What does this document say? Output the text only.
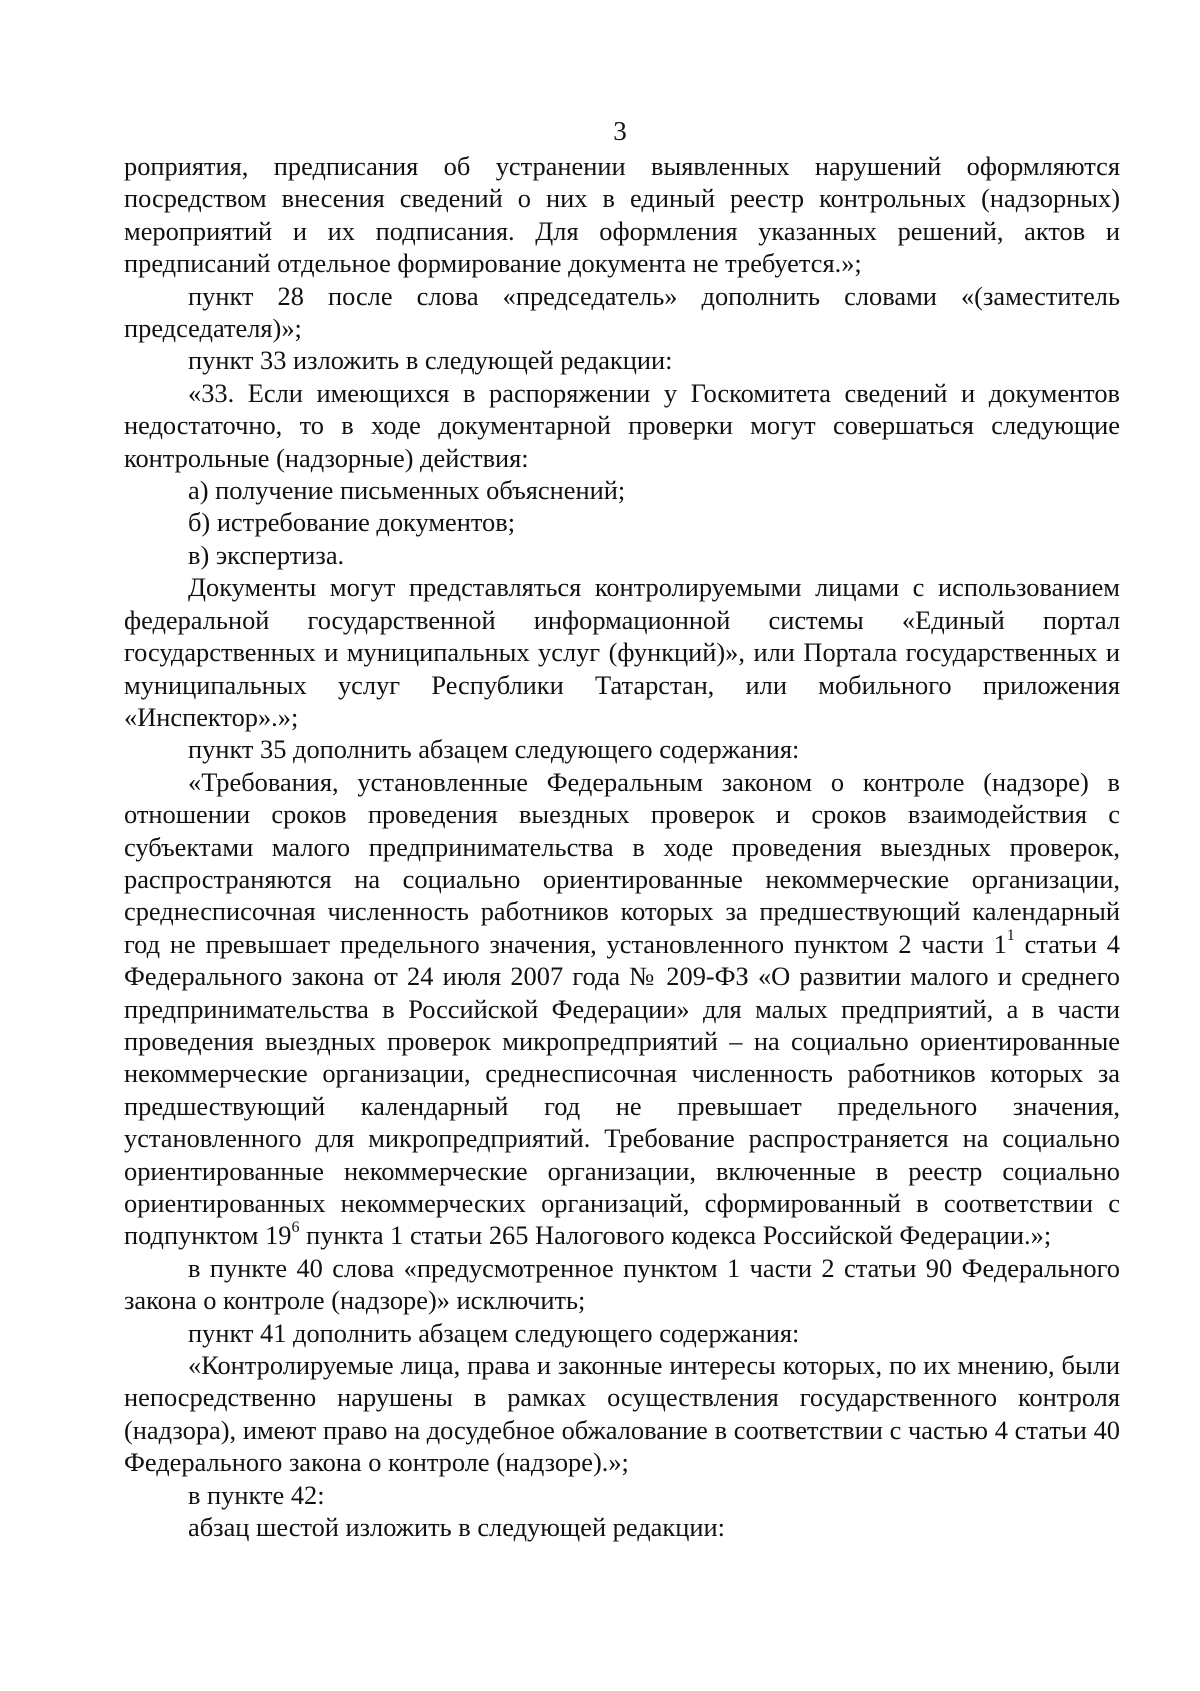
3

роприятия, предписания об устранении выявленных нарушений оформляются посредством внесения сведений о них в единый реестр контрольных (надзорных) мероприятий и их подписания. Для оформления указанных решений, актов и предписаний отдельное формирование документа не требуется.»;

пункт 28 после слова «председатель» дополнить словами «(заместитель председателя)»;

пункт 33 изложить в следующей редакции:

«33. Если имеющихся в распоряжении у Госкомитета сведений и документов недостаточно, то в ходе документарной проверки могут совершаться следующие контрольные (надзорные) действия:

а) получение письменных объяснений;

б) истребование документов;

в) экспертиза.

Документы могут представляться контролируемыми лицами с использованием федеральной государственной информационной системы «Единый портал государственных и муниципальных услуг (функций)», или Портала государственных и муниципальных услуг Республики Татарстан, или мобильного приложения «Инспектор».»;

пункт 35 дополнить абзацем следующего содержания:

«Требования, установленные Федеральным законом о контроле (надзоре) в отношении сроков проведения выездных проверок и сроков взаимодействия с субъектами малого предпринимательства в ходе проведения выездных проверок, распространяются на социально ориентированные некоммерческие организации, среднесписочная численность работников которых за предшествующий календарный год не превышает предельного значения, установленного пунктом 2 части $1^1$ статьи 4 Федерального закона от 24 июля 2007 года № 209-ФЗ «О развитии малого и среднего предпринимательства в Российской Федерации» для малых предприятий, а в части проведения выездных проверок микропредприятий – на социально ориентированные некоммерческие организации, среднесписочная численность работников которых за предшествующий календарный год не превышает предельного значения, установленного для микропредприятий. Требование распространяется на социально ориентированные некоммерческие организации, включенные в реестр социально ориентированных некоммерческих организаций, сформированный в соответствии с подпунктом $19^6$ пункта 1 статьи 265 Налогового кодекса Российской Федерации.»;

в пункте 40 слова «предусмотренное пунктом 1 части 2 статьи 90 Федерального закона о контроле (надзоре)» исключить;

пункт 41 дополнить абзацем следующего содержания:

«Контролируемые лица, права и законные интересы которых, по их мнению, были непосредственно нарушены в рамках осуществления государственного контроля (надзора), имеют право на досудебное обжалование в соответствии с частью 4 статьи 40 Федерального закона о контроле (надзоре).»;

в пункте 42:

абзац шестой изложить в следующей редакции:
